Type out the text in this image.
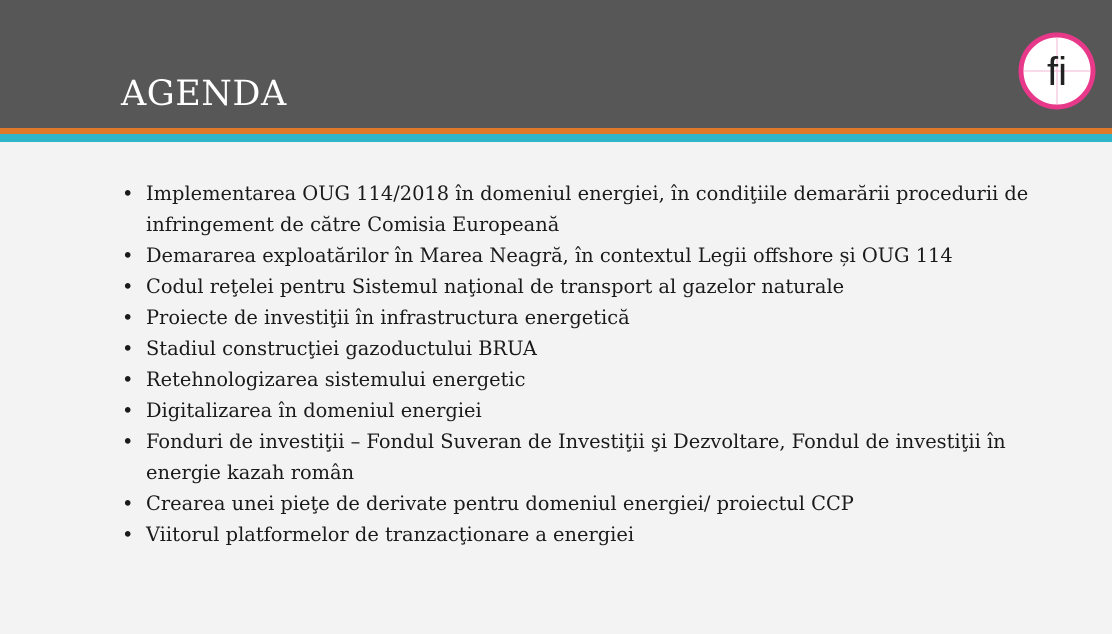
AGENDA	fi
• Implementarea OUG 114/2018 în domeniul energiei, în condiţiile demarării procedurii de infringement de către Comisia Europeană
• Demararea exploatărilor în Marea Neagră, în contextul Legii offshore și OUG 114
• Codul reţelei pentru Sistemul naţional de transport al gazelor naturale
• Proiecte de investiţii în infrastructura energetică
• Stadiul construcţiei gazoductului BRUA
• Retehnologizarea sistemului energetic
• Digitalizarea în domeniul energiei
• Fonduri de investiţii – Fondul Suveran de Investiţii şi Dezvoltare, Fondul de investiţii în energie kazah român
• Crearea unei pieţe de derivate pentru domeniul energiei/ proiectul CCP
• Viitorul platformelor de tranzacţionare a energiei
